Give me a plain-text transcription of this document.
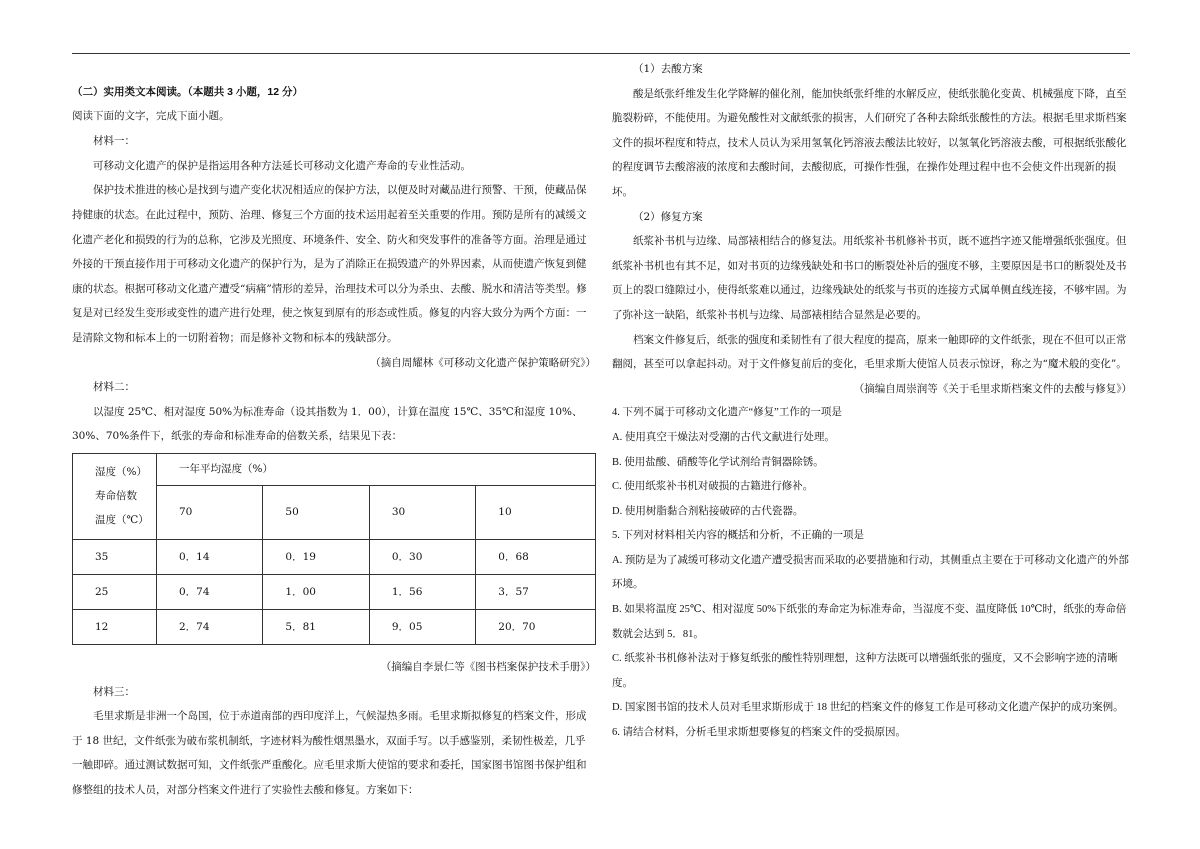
（二）实用类文本阅读。（本题共 3 小题，12 分）
阅读下面的文字，完成下面小题。
材料一：
可移动文化遗产的保护是指运用各种方法延长可移动文化遗产寿命的专业性活动。
保护技术推进的核心是找到与遗产变化状况相适应的保护方法，以便及时对藏品进行预警、干预，使藏品保持健康的状态。在此过程中，预防、治理、修复三个方面的技术运用起着至关重要的作用。预防是所有的减缓文化遗产老化和损毁的行为的总称，它涉及光照度、环境条件、安全、防火和突发事件的准备等方面。治理是通过外接的干预直接作用于可移动文化遗产的保护行为，是为了消除正在损毁遗产的外界因素，从而使遗产恢复到健康的状态。根据可移动文化遗产遭受“病痛”情形的差异，治理技术可以分为杀虫、去酸、脱水和清洁等类型。修复是对已经发生变形或变性的遗产进行处理，使之恢复到原有的形态或性质。修复的内容大致分为两个方面：一是清除文物和标本上的一切附着物；而是修补文物和标本的残缺部分。
（摘自周耀林《可移动文化遗产保护策略研究》）
材料二：
以湿度 25℃、相对湿度 50%为标准寿命（设其指数为 1．00），计算在温度 15℃、35℃和湿度 10%、30%、70%条件下，纸张的寿命和标准寿命的倍数关系，结果见下表：
湿度（%）
寿命倍数
温度（℃）	一年平均湿度（%）			
	70	50	30	10
35	0．14	0．19	0．30	0．68
25	0．74	1．00	1．56	3．57
12	2．74	5．81	9．05	20．70
（摘编自李景仁等《图书档案保护技术手册》）
材料三：
毛里求斯是非洲一个岛国，位于赤道南部的西印度洋上，气候湿热多雨。毛里求斯拟修复的档案文件，形成于 18 世纪，文件纸张为破布浆机制纸，字迹材料为酸性烟黑墨水，双面手写。以手感鉴别，柔韧性极差，几乎一触即碎。通过测试数据可知，文件纸张严重酸化。应毛里求斯大使馆的要求和委托，国家图书馆图书保护组和修整组的技术人员，对部分档案文件进行了实验性去酸和修复。方案如下：
（1）去酸方案
酸是纸张纤维发生化学降解的催化剂，能加快纸张纤维的水解反应，使纸张脆化变黄、机械强度下降，直至脆裂粉碎，不能使用。为避免酸性对文献纸张的损害，人们研究了各种去除纸张酸性的方法。根据毛里求斯档案文件的损坏程度和特点，技术人员认为采用氢氧化钙溶液去酸法比较好，以氢氧化钙溶液去酸，可根据纸张酸化的程度调节去酸溶液的浓度和去酸时间，去酸彻底，可操作性强，在操作处理过程中也不会使文件出现新的损坏。
（2）修复方案
纸浆补书机与边缘、局部裱相结合的修复法。用纸浆补书机修补书页，既不遮挡字迹又能增强纸张强度。但纸浆补书机也有其不足，如对书页的边缘残缺处和书口的断裂处补后的强度不够，主要原因是书口的断裂处及书页上的裂口缝隙过小，使得纸浆难以通过，边缘残缺处的纸浆与书页的连接方式属单侧直线连接，不够牢固。为了弥补这一缺陷，纸浆补书机与边缘、局部裱相结合显然是必要的。
档案文件修复后，纸张的强度和柔韧性有了很大程度的提高，原来一触即碎的文件纸张，现在不但可以正常翻阅，甚至可以拿起抖动。对于文件修复前后的变化，毛里求斯大使馆人员表示惊讶，称之为“魔术般的变化”。
（摘编自周崇润等《关于毛里求斯档案文件的去酸与修复》）
4. 下列不属于可移动文化遗产“修复”工作的一项是
A. 使用真空干燥法对受潮的古代文献进行处理。
B. 使用盐酸、硝酸等化学试剂给青铜器除锈。
C. 使用纸浆补书机对破损的古籍进行修补。
D. 使用树脂黏合剂粘接破碎的古代瓷器。
5. 下列对材料相关内容的概括和分析，不正确的一项是
A. 预防是为了减缓可移动文化遗产遭受损害而采取的必要措施和行动，其侧重点主要在于可移动文化遗产的外部环境。
B. 如果将温度 25℃、相对湿度 50%下纸张的寿命定为标准寿命，当湿度不变、温度降低 10℃时，纸张的寿命倍数就会达到 5．81。
C. 纸浆补书机修补法对于修复纸张的酸性特别理想，这种方法既可以增强纸张的强度，又不会影响字迹的清晰度。
D. 国家图书馆的技术人员对毛里求斯形成于 18 世纪的档案文件的修复工作是可移动文化遗产保护的成功案例。
6. 请结合材料，分析毛里求斯想要修复的档案文件的受损原因。
